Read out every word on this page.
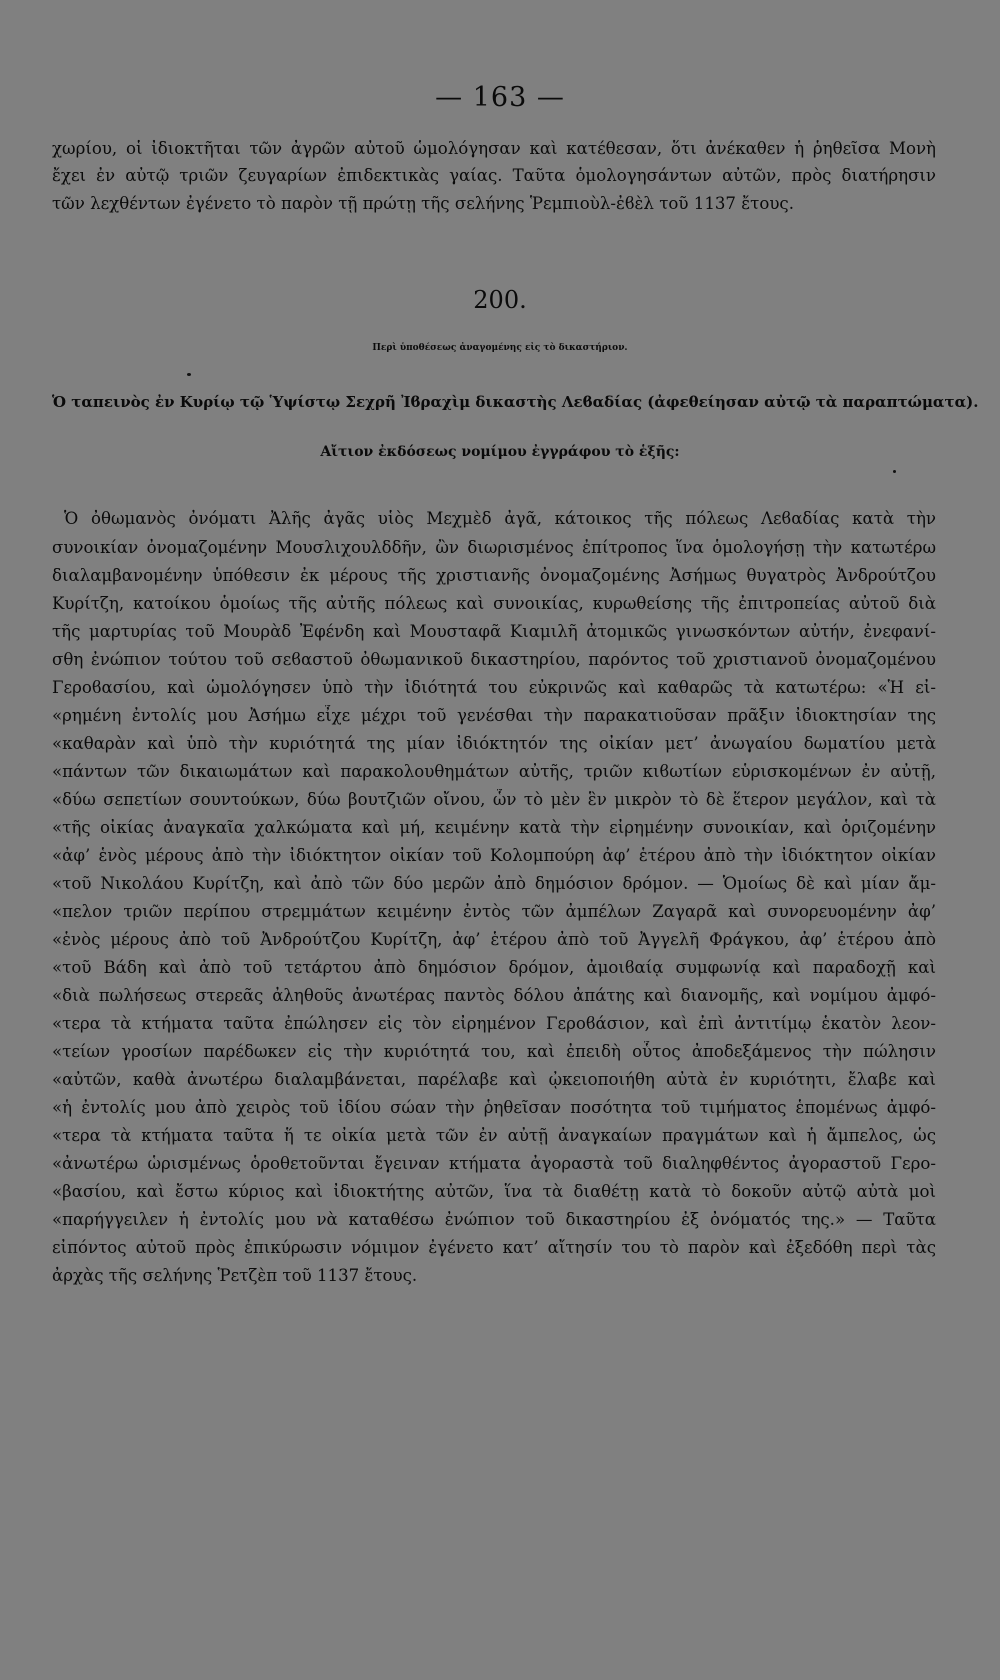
— 163 —
χωρίου, οἱ ἰδιοκτῆται τῶν ἀγρῶν αὐτοῦ ὡμολόγησαν καὶ κατέθεσαν, ὅτι ἀνέκαθεν ἡ ῥηθεῖσα Μονὴ
ἔχει ἐν αὐτῷ τριῶν ζευγαρίων ἐπιδεκτικὰς γαίας. Ταῦτα ὁμολογησάντων αὐτῶν, πρὸς διατήρησιν
τῶν λεχθέντων ἐγένετο τὸ παρὸν τῇ πρώτῃ τῆς σελήνης Ῥεμπιοὺλ-ἐϐὲλ τοῦ 1137 ἔτους.
200.
Περὶ ὑποθέσεως ἀναγομένης εἰς τὸ δικαστήριον.
Ὁ ταπεινὸς ἐν Κυρίῳ τῷ Ὑψίστῳ Σεχρῆ Ἰϐραχὶμ δικαστὴς Λεϐαδίας (ἀφεθείησαν αὐτῷ τὰ παραπτώματα).
Αἴτιον ἐκδόσεως νομίμου ἐγγράφου τὸ ἑξῆς:
Ὁ ὀθωμανὸς ὀνόματι Ἀλῆς ἀγᾶς υἱὸς Μεχμὲδ ἀγᾶ, κάτοικος τῆς πόλεως Λεϐαδίας κατὰ τὴν
συνοικίαν ὀνομαζομένην Μουσλιχουλδδῆν, ὢν διωρισμένος ἐπίτροπος ἵνα ὁμολογήσῃ τὴν κατωτέρω
διαλαμβανομένην ὑπόθεσιν ἐκ μέρους τῆς χριστιανῆς ὀνομαζομένης Ἀσήμως θυγατρὸς Ἀνδρούτζου
Κυρίτζη, κατοίκου ὁμοίως τῆς αὐτῆς πόλεως καὶ συνοικίας, κυρωθείσης τῆς ἐπιτροπείας αὐτοῦ διὰ
τῆς μαρτυρίας τοῦ Μουρὰδ Ἐφένδη καὶ Μουσταφᾶ Κιαμιλῆ ἀτομικῶς γινωσκόντων αὐτήν, ἐνεφανί-
σθη ἐνώπιον τούτου τοῦ σεϐαστοῦ ὀθωμανικοῦ δικαστηρίου, παρόντος τοῦ χριστιανοῦ ὀνομαζομένου
Γεροϐασίου, καὶ ὡμολόγησεν ὑπὸ τὴν ἰδιότητά του εὐκρινῶς καὶ καθαρῶς τὰ κατωτέρω: «Ἡ εἰ-
«ρημένη ἐντολίς μου Ἀσήμω εἶχε μέχρι τοῦ γενέσθαι τὴν παρακατιοῦσαν πρᾶξιν ἰδιοκτησίαν της
«καθαρὰν καὶ ὑπὸ τὴν κυριότητά της μίαν ἰδιόκτητόν της οἰκίαν μετ’ ἀνωγαίου δωματίου μετὰ
«πάντων τῶν δικαιωμάτων καὶ παρακολουθημάτων αὐτῆς, τριῶν κιϐωτίων εὑρισκομένων ἐν αὐτῇ,
«δύω σεπετίων σουντούκων, δύω βουτζιῶν οἴνου, ὧν τὸ μὲν ἓν μικρὸν τὸ δὲ ἕτερον μεγάλον, καὶ τὰ
«τῆς οἰκίας ἀναγκαῖα χαλκώματα καὶ μή, κειμένην κατὰ τὴν εἰρημένην συνοικίαν, καὶ ὁριζομένην
«ἀφ’ ἑνὸς μέρους ἀπὸ τὴν ἰδιόκτητον οἰκίαν τοῦ Κολομπούρη ἀφ’ ἑτέρου ἀπὸ τὴν ἰδιόκτητον οἰκίαν
«τοῦ Νικολάου Κυρίτζη, καὶ ἀπὸ τῶν δύο μερῶν ἀπὸ δημόσιον δρόμον. — Ὁμοίως δὲ καὶ μίαν ἄμ-
«πελον τριῶν περίπου στρεμμάτων κειμένην ἐντὸς τῶν ἀμπέλων Ζαγαρᾶ καὶ συνορευομένην ἀφ’
«ἑνὸς μέρους ἀπὸ τοῦ Ἀνδρούτζου Κυρίτζη, ἀφ’ ἑτέρου ἀπὸ τοῦ Ἀγγελῆ Φράγκου, ἀφ’ ἑτέρου ἀπὸ
«τοῦ Βάδη καὶ ἀπὸ τοῦ τετάρτου ἀπὸ δημόσιον δρόμον, ἀμοιϐαίᾳ συμφωνίᾳ καὶ παραδοχῇ καὶ
«διὰ πωλήσεως στερεᾶς ἀληθοῦς ἀνωτέρας παντὸς δόλου ἀπάτης καὶ διανομῆς, καὶ νομίμου ἀμφό-
«τερα τὰ κτήματα ταῦτα ἐπώλησεν εἰς τὸν εἰρημένον Γεροϐάσιον, καὶ ἐπὶ ἀντιτίμῳ ἑκατὸν λεον-
«τείων γροσίων παρέδωκεν εἰς τὴν κυριότητά του, καὶ ἐπειδὴ οὗτος ἀποδεξάμενος τὴν πώλησιν
«αὐτῶν, καθὰ ἀνωτέρω διαλαμβάνεται, παρέλαβε καὶ ᾠκειοποιήθη αὐτὰ ἐν κυριότητι, ἔλαβε καὶ
«ἡ ἐντολίς μου ἀπὸ χειρὸς τοῦ ἰδίου σώαν τὴν ῥηθεῖσαν ποσότητα τοῦ τιμήματος ἑπομένως ἀμφό-
«τερα τὰ κτήματα ταῦτα ἥ τε οἰκία μετὰ τῶν ἐν αὐτῇ ἀναγκαίων πραγμάτων καὶ ἡ ἄμπελος, ὡς
«ἀνωτέρω ὡρισμένως ὁροθετοῦνται ἔγειναν κτήματα ἀγοραστὰ τοῦ διαληφθέντος ἀγοραστοῦ Γερο-
«βασίου, καὶ ἔστω κύριος καὶ ἰδιοκτήτης αὐτῶν, ἵνα τὰ διαθέτῃ κατὰ τὸ δοκοῦν αὐτῷ αὐτὰ μοὶ
«παρήγγειλεν ἡ ἐντολίς μου νὰ καταθέσω ἐνώπιον τοῦ δικαστηρίου ἐξ ὀνόματός της.» — Ταῦτα
εἰπόντος αὐτοῦ πρὸς ἐπικύρωσιν νόμιμον ἐγένετο κατ’ αἴτησίν του τὸ παρὸν καὶ ἐξεδόθη περὶ τὰς
ἀρχὰς τῆς σελήνης Ῥετζὲπ τοῦ 1137 ἔτους.
